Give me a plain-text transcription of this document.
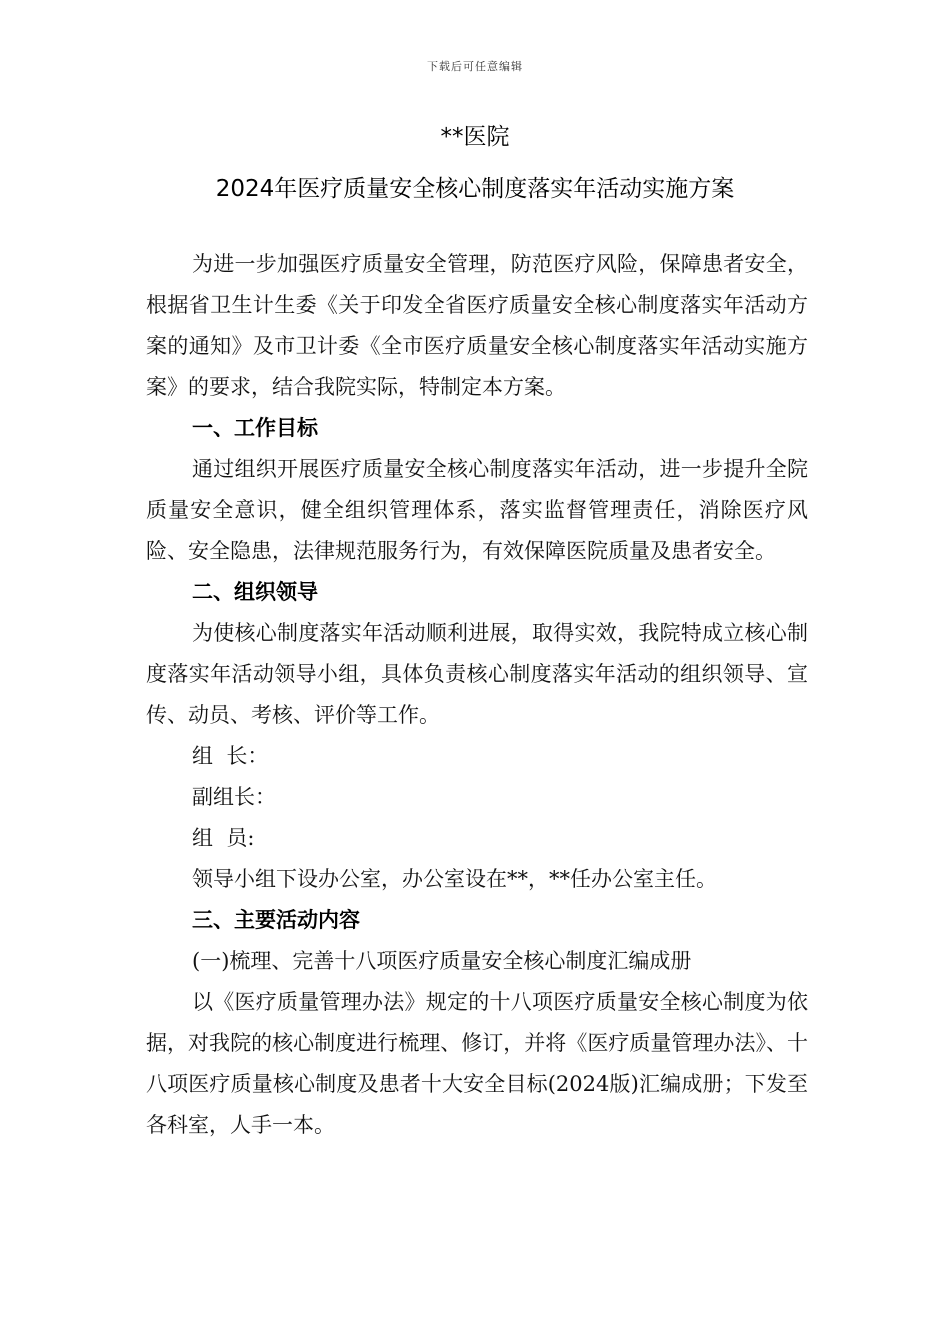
下载后可任意编辑
**医院
2024年医疗质量安全核心制度落实年活动实施方案

为进一步加强医疗质量安全管理，防范医疗风险，保障患者安全，根据省卫生计生委《关于印发全省医疗质量安全核心制度落实年活动方案的通知》及市卫计委《全市医疗质量安全核心制度落实年活动实施方案》的要求，结合我院实际，特制定本方案。

一、工作目标

通过组织开展医疗质量安全核心制度落实年活动，进一步提升全院质量安全意识，健全组织管理体系，落实监督管理责任，消除医疗风险、安全隐患，法律规范服务行为，有效保障医院质量及患者安全。

二、组织领导

为使核心制度落实年活动顺利进展，取得实效，我院特成立核心制度落实年活动领导小组，具体负责核心制度落实年活动的组织领导、宣传、动员、考核、评价等工作。

组  长：

副组长：

组  员:

领导小组下设办公室，办公室设在**，**任办公室主任。

三、主要活动内容

(一)梳理、完善十八项医疗质量安全核心制度汇编成册

以《医疗质量管理办法》规定的十八项医疗质量安全核心制度为依据，对我院的核心制度进行梳理、修订，并将《医疗质量管理办法》、十八项医疗质量核心制度及患者十大安全目标(2024版)汇编成册；下发至各科室，人手一本。
